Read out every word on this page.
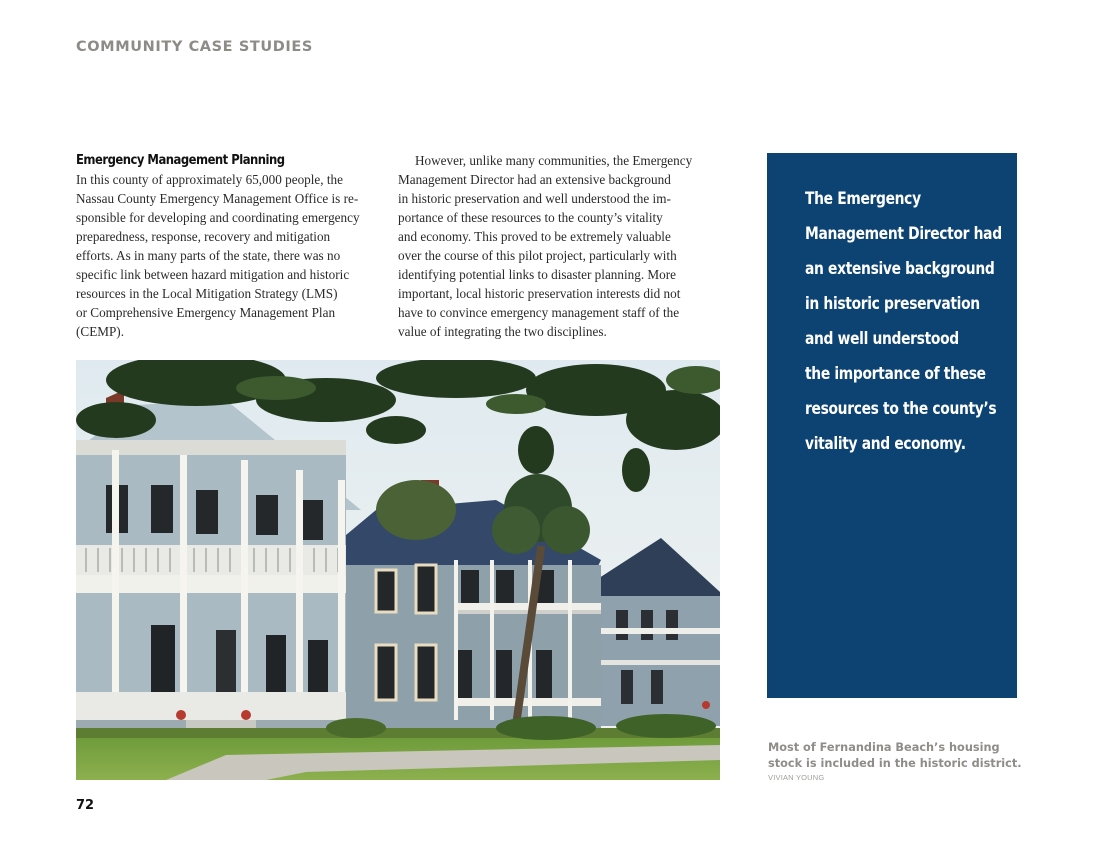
COMMUNITY CASE STUDIES
Emergency Management Planning
In this county of approximately 65,000 people, the
Nassau County Emergency Management Office is re-
sponsible for developing and coordinating emergency
preparedness, response, recovery and mitigation
efforts. As in many parts of the state, there was no
specific link between hazard mitigation and historic
resources in the Local Mitigation Strategy (LMS)
or Comprehensive Emergency Management Plan
(CEMP).
However, unlike many communities, the Emergency
Management Director had an extensive background
in historic preservation and well understood the im-
portance of these resources to the county’s vitality
and economy. This proved to be extremely valuable
over the course of this pilot project, particularly with
identifying potential links to disaster planning. More
important, local historic preservation interests did not
have to convince emergency management staff of the
value of integrating the two disciplines.
The Emergency
Management Director had
an extensive background
in historic preservation
and well understood
the importance of these
resources to the county’s
vitality and economy.
Most of Fernandina Beach’s housing
stock is included in the historic district.
VIVIAN YOUNG
72
